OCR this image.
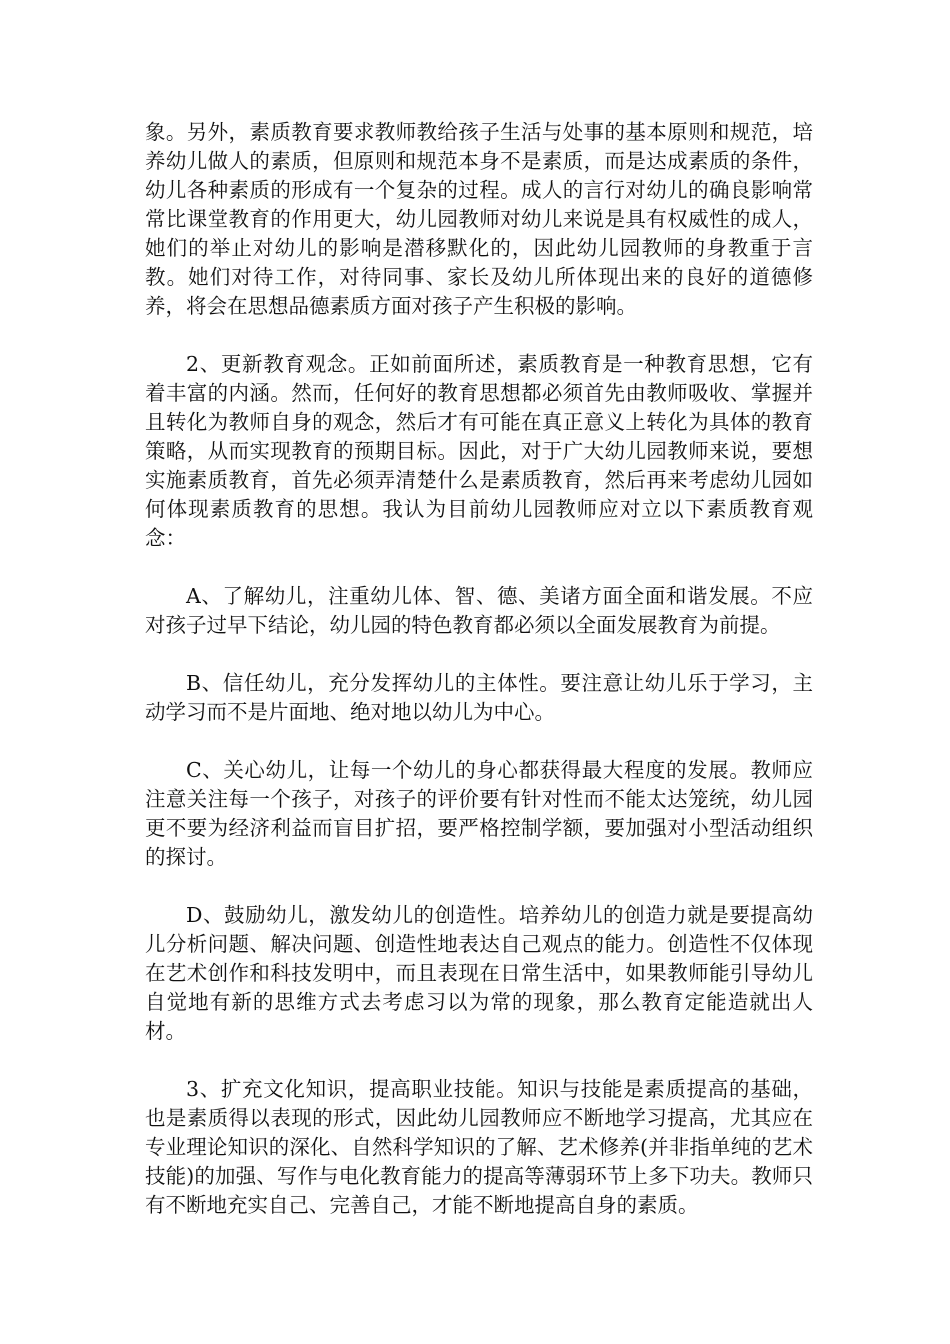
象。另外，素质教育要求教师教给孩子生活与处事的基本原则和规范，培养幼儿做人的素质，但原则和规范本身不是素质，而是达成素质的条件，幼儿各种素质的形成有一个复杂的过程。成人的言行对幼儿的确良影响常常比课堂教育的作用更大，幼儿园教师对幼儿来说是具有权威性的成人，她们的举止对幼儿的影响是潜移默化的，因此幼儿园教师的身教重于言教。她们对待工作，对待同事、家长及幼儿所体现出来的良好的道德修养，将会在思想品德素质方面对孩子产生积极的影响。

2、更新教育观念。正如前面所述，素质教育是一种教育思想，它有着丰富的内涵。然而，任何好的教育思想都必须首先由教师吸收、掌握并且转化为教师自身的观念，然后才有可能在真正意义上转化为具体的教育策略，从而实现教育的预期目标。因此，对于广大幼儿园教师来说，要想实施素质教育，首先必须弄清楚什么是素质教育，然后再来考虑幼儿园如何体现素质教育的思想。我认为目前幼儿园教师应对立以下素质教育观念：

A、了解幼儿，注重幼儿体、智、德、美诸方面全面和谐发展。不应对孩子过早下结论，幼儿园的特色教育都必须以全面发展教育为前提。

B、信任幼儿，充分发挥幼儿的主体性。要注意让幼儿乐于学习，主动学习而不是片面地、绝对地以幼儿为中心。

C、关心幼儿，让每一个幼儿的身心都获得最大程度的发展。教师应注意关注每一个孩子，对孩子的评价要有针对性而不能太达笼统，幼儿园更不要为经济利益而盲目扩招，要严格控制学额，要加强对小型活动组织的探讨。

D、鼓励幼儿，激发幼儿的创造性。培养幼儿的创造力就是要提高幼儿分析问题、解决问题、创造性地表达自己观点的能力。创造性不仅体现在艺术创作和科技发明中，而且表现在日常生活中，如果教师能引导幼儿自觉地有新的思维方式去考虑习以为常的现象，那么教育定能造就出人材。

3、扩充文化知识，提高职业技能。知识与技能是素质提高的基础，也是素质得以表现的形式，因此幼儿园教师应不断地学习提高，尤其应在专业理论知识的深化、自然科学知识的了解、艺术修养(并非指单纯的艺术技能)的加强、写作与电化教育能力的提高等薄弱环节上多下功夫。教师只有不断地充实自己、完善自己，才能不断地提高自身的素质。
